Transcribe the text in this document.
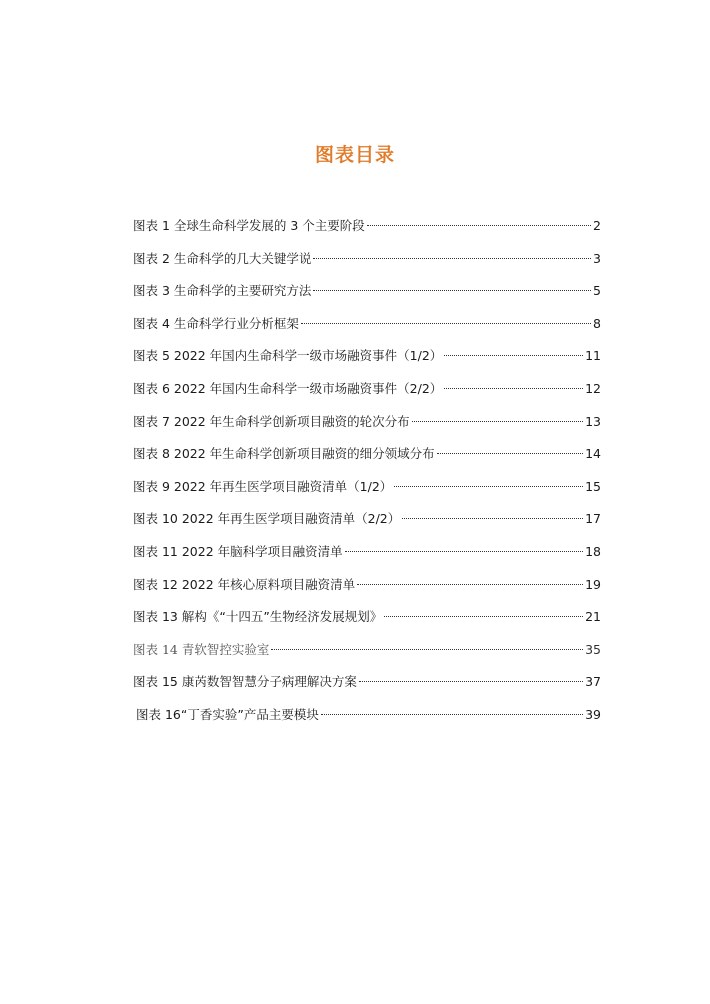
图表目录
图表 1 全球生命科学发展的 3 个主要阶段	2
图表 2 生命科学的几大关键学说	3
图表 3 生命科学的主要研究方法	5
图表 4 生命科学行业分析框架	8
图表 5 2022 年国内生命科学一级市场融资事件（1/2）	11
图表 6 2022 年国内生命科学一级市场融资事件（2/2）	12
图表 7 2022 年生命科学创新项目融资的轮次分布	13
图表 8 2022 年生命科学创新项目融资的细分领域分布	14
图表 9 2022 年再生医学项目融资清单（1/2）	15
图表 10 2022 年再生医学项目融资清单（2/2）	17
图表 11 2022 年脑科学项目融资清单	18
图表 12 2022 年核心原料项目融资清单	19
图表 13 解构《“十四五”生物经济发展规划》	21
图表 14 青软智控实验室	35
图表 15 康芮数智智慧分子病理解决方案	37
图表 16“丁香实验”产品主要模块	39
